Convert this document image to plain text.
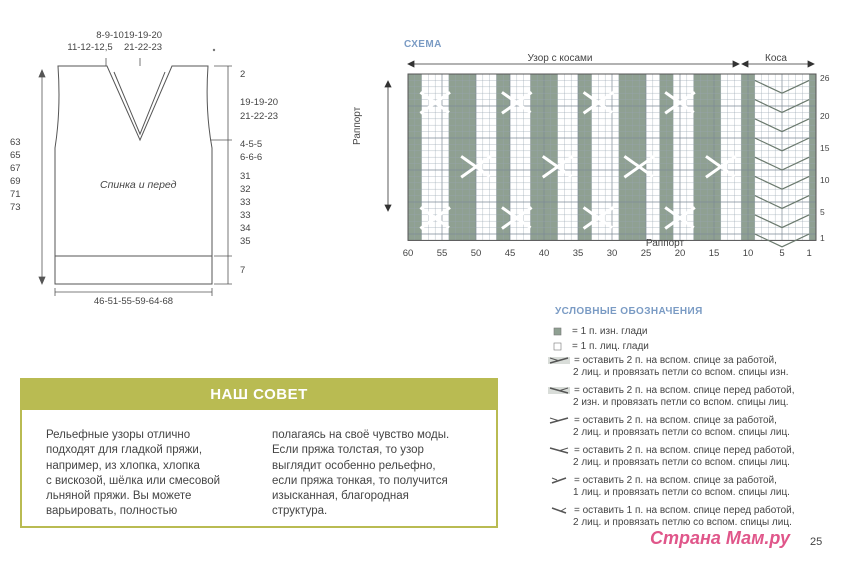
8-9-10
11-12-12,5
19-19-20
21-22-23
63
65
67
69
71
73
2
19-19-20
21-22-23
4-5-5
6-6-6
31
32
33
33
34
35
7
Спинка и перед
46-51-55-59-64-68
СХЕМА
Узор с косами	Коса
Раппорт
Раппорт
60 55 50 45 40 35 30 25 20 15 10	5	1
26
20
15
10
5
1
НАШ СОВЕТ
Рельефные узоры отлично
подходят для гладкой пряжи,
например, из хлопка, хлопка
с вискозой, шёлка или смесовой
льняной пряжи. Вы можете
варьировать, полностью
полагаясь на своё чувство моды.
Если пряжа толстая, то узор
выглядит особенно рельефно,
если пряжа тонкая, то получится
изысканная, благородная
структура.
УСЛОВНЫЕ ОБОЗНАЧЕНИЯ
= 1 п. изн. глади
= 1 п. лиц. глади
= оставить 2 п. на вспом. спице за работой,
2 лиц. и провязать петли со вспом. спицы изн.
= оставить 2 п. на вспом. спице перед работой,
2 изн. и провязать петли со вспом. спицы лиц.
= оставить 2 п. на вспом. спице за работой,
2 лиц. и провязать петли со вспом. спицы лиц.
= оставить 2 п. на вспом. спице перед работой,
2 лиц. и провязать петли со вспом. спицы лиц.
= оставить 2 п. на вспом. спице за работой,
1 лиц. и провязать петли со вспом. спицы лиц.
= оставить 1 п. на вспом. спице перед работой,
2 лиц. и провязать петлю со вспом. спицы лиц.
25
Страна Мам.ру
